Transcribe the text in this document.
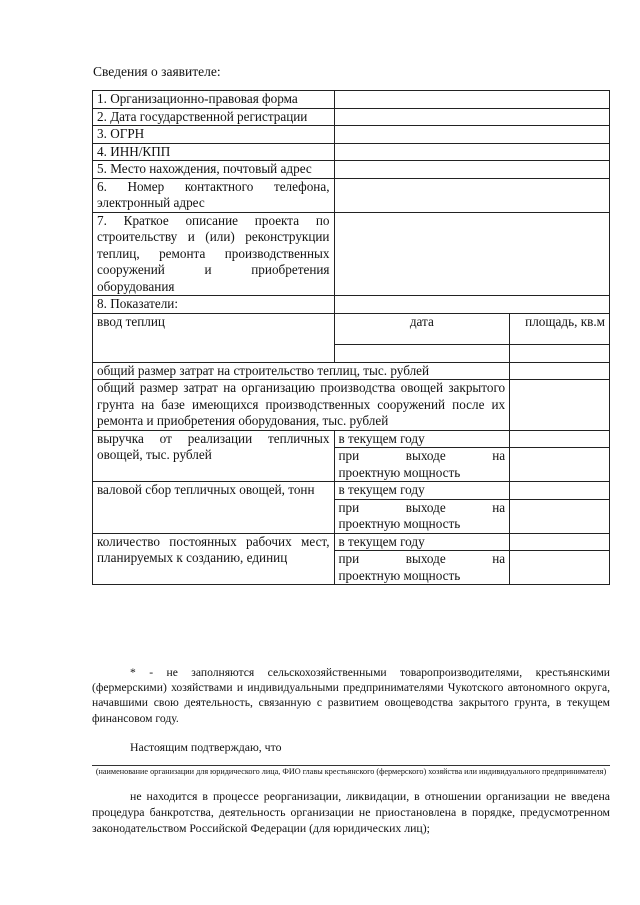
Сведения о заявителе:
1. Организационно-правовая форма		
2. Дата государственной регистрации		
3. ОГРН		
4. ИНН/КПП		
5. Место нахождения, почтовый адрес		
6. Номер контактного телефона, электронный адрес		
7. Краткое описание проекта по строительству и (или) реконструкции теплиц, ремонта производственных сооружений и приобретения оборудования		
8. Показатели:		
ввод теплиц	дата	площадь, кв.м

общий размер затрат на строительство теплиц, тыс. рублей		
общий размер затрат на организацию производства овощей закрытого грунта на базе имеющихся производственных сооружений после их ремонта и приобретения оборудования, тыс. рублей		
выручка от реализации тепличных овощей, тыс. рублей	в текущем году	

	при выходе на
проектную мощность	

валовой сбор тепличных овощей, тонн	в текущем году	

	при выходе на
проектную мощность	

количество постоянных рабочих мест, планируемых к созданию, единиц	в текущем году	

	при выходе на
проектную мощность	

* - не заполняются сельскохозяйственными товаропроизводителями, крестьянскими (фермерскими) хозяйствами и индивидуальными предпринимателями Чукотского автономного округа, начавшими свою деятельность, связанную с развитием овощеводства закрытого грунта, в текущем финансовом году.
Настоящим подтверждаю, что
(наименование организации для юридического лица, ФИО главы крестьянского (фермерского) хозяйства или индивидуального предпринимателя)
не находится в процессе реорганизации, ликвидации, в отношении организации не введена процедура банкротства, деятельность организации не приостановлена в порядке, предусмотренном законодательством Российской Федерации (для юридических лиц);
